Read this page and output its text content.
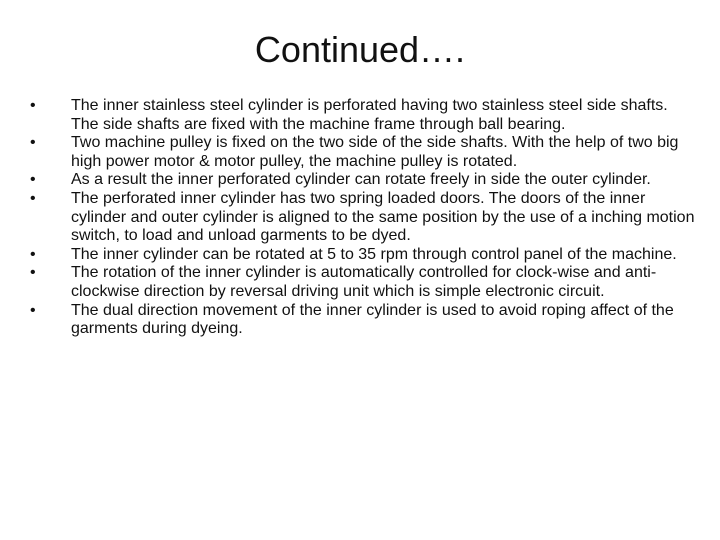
Continued….
•	The inner stainless steel cylinder is perforated having two stainless steel side shafts. The side shafts are fixed with the machine frame through ball bearing.
•	Two machine pulley is fixed on the two side of the side shafts. With the help of two big high power motor & motor pulley, the machine pulley is rotated.
•	As a result the inner perforated cylinder can rotate freely in side the outer cylinder.
•	The perforated inner cylinder has two spring loaded doors. The doors of the inner cylinder and outer cylinder is aligned to the same position by the use of a inching motion switch, to load and unload garments to be dyed.
•	The inner cylinder can be rotated at 5 to 35 rpm through control panel of the machine.
•	The rotation of the inner cylinder is automatically controlled for clock-wise and anti-clockwise direction by reversal driving unit which is simple electronic circuit.
•	The dual direction movement of the inner cylinder is used to avoid roping affect of the garments during dyeing.
